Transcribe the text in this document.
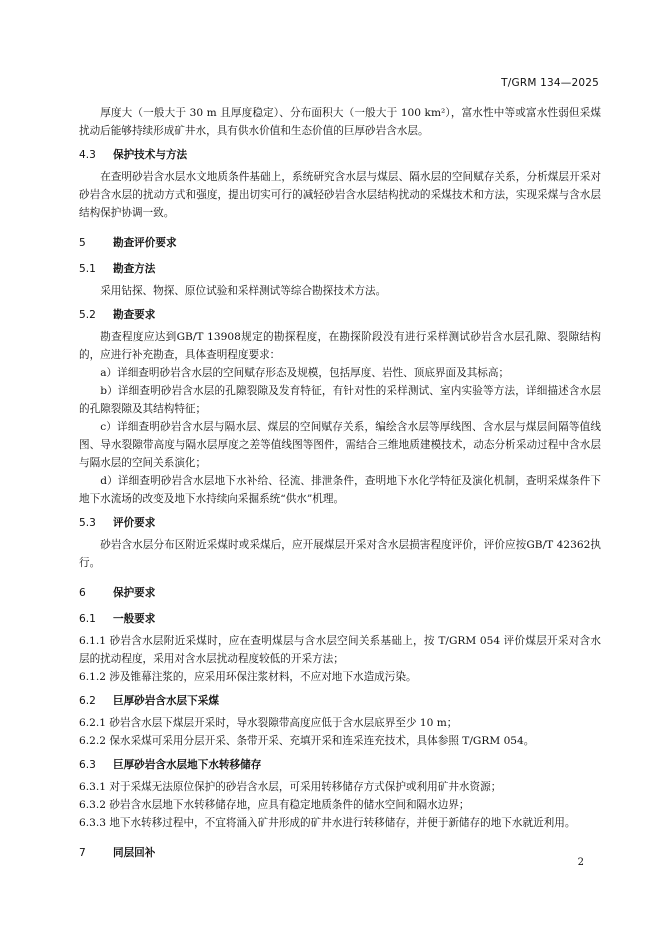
T/GRM 134—2025

厚度大（一般大于 30 m 且厚度稳定）、分布面积大（一般大于 100 km²），富水性中等或富水性弱但采煤扰动后能够持续形成矿井水，具有供水价值和生态价值的巨厚砂岩含水层。

4.3 保护技术与方法

在查明砂岩含水层水文地质条件基础上，系统研究含水层与煤层、隔水层的空间赋存关系，分析煤层开采对砂岩含水层的扰动方式和强度，提出切实可行的减轻砂岩含水层结构扰动的采煤技术和方法，实现采煤与含水层结构保护协调一致。

5	勘查评价要求
5.1 勘查方法

采用钻探、物探、原位试验和采样测试等综合勘探技术方法。

5.2 勘查要求

勘查程度应达到GB/T 13908规定的勘探程度，在勘探阶段没有进行采样测试砂岩含水层孔隙、裂隙结构的，应进行补充勘查，具体查明程度要求：

a）详细查明砂岩含水层的空间赋存形态及规模，包括厚度、岩性、顶底界面及其标高；

b）详细查明砂岩含水层的孔隙裂隙及发育特征，有针对性的采样测试、室内实验等方法，详细描述含水层的孔隙裂隙及其结构特征；

c）详细查明砂岩含水层与隔水层、煤层的空间赋存关系，编绘含水层等厚线图、含水层与煤层间隔等值线图、导水裂隙带高度与隔水层厚度之差等值线图等图件，需结合三维地质建模技术，动态分析采动过程中含水层与隔水层的空间关系演化；

d）详细查明砂岩含水层地下水补给、径流、排泄条件，查明地下水化学特征及演化机制，查明采煤条件下地下水流场的改变及地下水持续向采掘系统“供水”机理。

5.3 评价要求

砂岩含水层分布区附近采煤时或采煤后，应开展煤层开采对含水层损害程度评价，评价应按GB/T 42362执行。

6	保护要求
6.1 一般要求

6.1.1 砂岩含水层附近采煤时，应在查明煤层与含水层空间关系基础上，按 T/GRM 054 评价煤层开采对含水层的扰动程度，采用对含水层扰动程度较低的开采方法；

6.1.2 涉及锥幕注浆的，应采用环保注浆材料，不应对地下水造成污染。

6.2 巨厚砂岩含水层下采煤

6.2.1 砂岩含水层下煤层开采时，导水裂隙带高度应低于含水层底界至少 10 m；

6.2.2 保水采煤可采用分层开采、条带开采、充填开采和连采连充技术，具体参照 T/GRM 054。

6.3 巨厚砂岩含水层地下水转移储存

6.3.1 对于采煤无法原位保护的砂岩含水层，可采用转移储存方式保护或利用矿井水资源；

6.3.2 砂岩含水层地下水转移储存地，应具有稳定地质条件的储水空间和隔水边界；

6.3.3 地下水转移过程中，不宜将涌入矿井形成的矿井水进行转移储存，并便于新储存的地下水就近利用。

7	同层回补
2
